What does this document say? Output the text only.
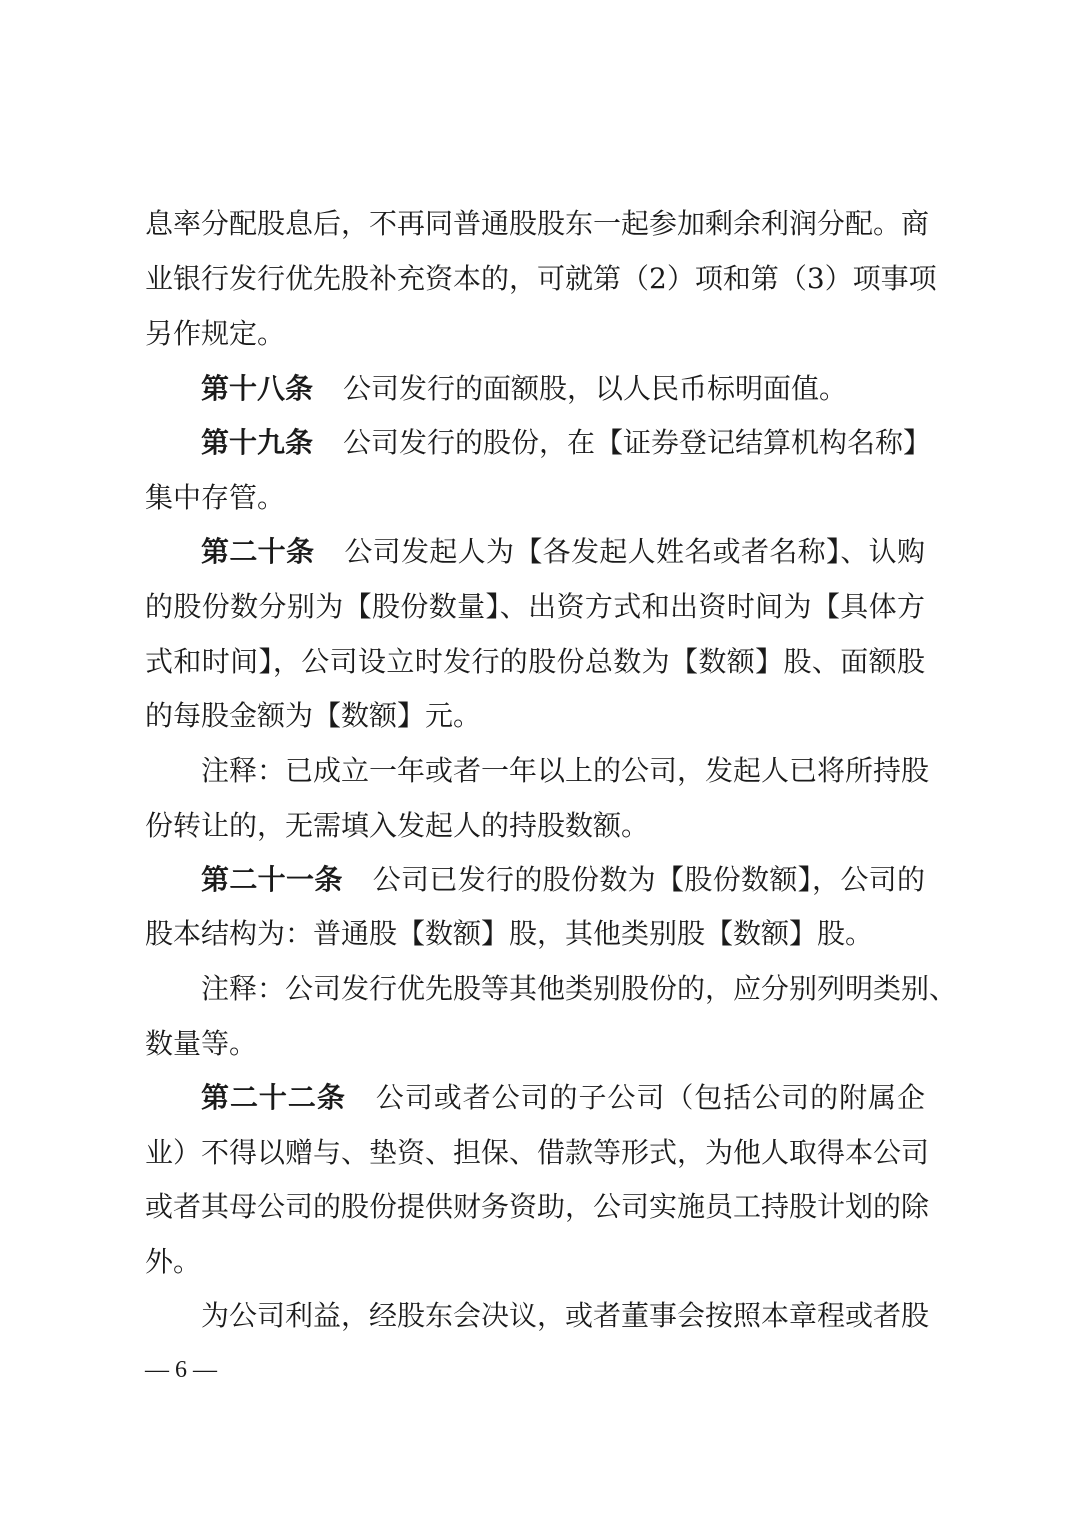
息率分配股息后，不再同普通股股东一起参加剩余利润分配。商
业银行发行优先股补充资本的，可就第（2）项和第（3）项事项
另作规定。
第十八条 公司发行的面额股，以人民币标明面值。
第十九条 公司发行的股份，在【证券登记结算机构名称】
集中存管。
第二十条 公司发起人为【各发起人姓名或者名称】、认购
的股份数分别为【股份数量】、出资方式和出资时间为【具体方
式和时间】，公司设立时发行的股份总数为【数额】股、面额股
的每股金额为【数额】元。
注释：已成立一年或者一年以上的公司，发起人已将所持股
份转让的，无需填入发起人的持股数额。
第二十一条 公司已发行的股份数为【股份数额】，公司的
股本结构为：普通股【数额】股，其他类别股【数额】股。
注释：公司发行优先股等其他类别股份的，应分别列明类别、
数量等。
第二十二条 公司或者公司的子公司（包括公司的附属企
业）不得以赠与、垫资、担保、借款等形式，为他人取得本公司
或者其母公司的股份提供财务资助，公司实施员工持股计划的除
外。
为公司利益，经股东会决议，或者董事会按照本章程或者股
— 6 —
